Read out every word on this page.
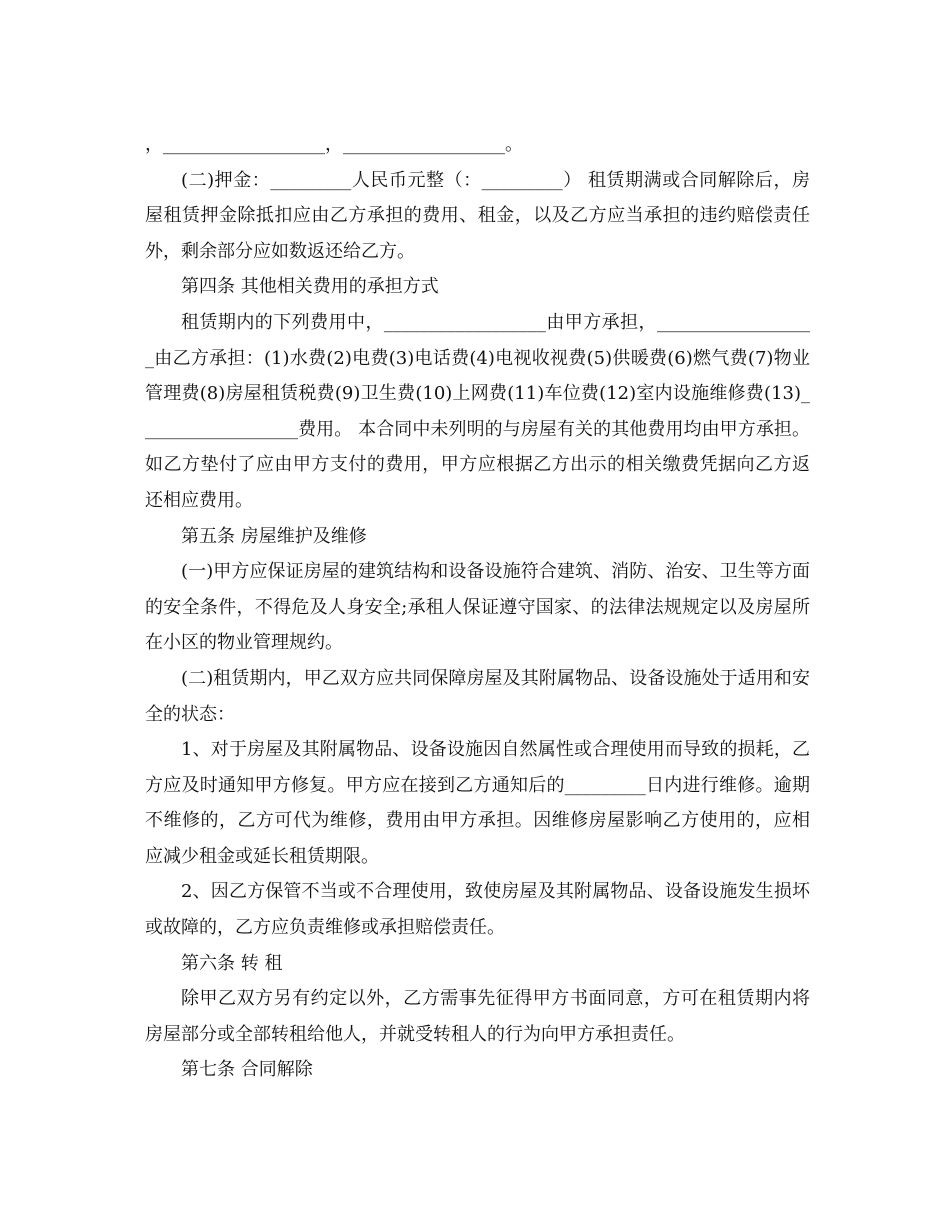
，__________________，__________________。

(二)押金：_________人民币元整（：_________） 租赁期满或合同解除后，房屋租赁押金除抵扣应由乙方承担的费用、租金，以及乙方应当承担的违约赔偿责任外，剩余部分应如数返还给乙方。

第四条 其他相关费用的承担方式

租赁期内的下列费用中，__________________由甲方承担，__________________由乙方承担：(1)水费(2)电费(3)电话费(4)电视收视费(5)供暖费(6)燃气费(7)物业管理费(8)房屋租赁税费(9)卫生费(10)上网费(11)车位费(12)室内设施维修费(13)__________________费用。 本合同中未列明的与房屋有关的其他费用均由甲方承担。如乙方垫付了应由甲方支付的费用，甲方应根据乙方出示的相关缴费凭据向乙方返还相应费用。

第五条 房屋维护及维修

(一)甲方应保证房屋的建筑结构和设备设施符合建筑、消防、治安、卫生等方面的安全条件，不得危及人身安全;承租人保证遵守国家、的法律法规规定以及房屋所在小区的物业管理规约。

(二)租赁期内，甲乙双方应共同保障房屋及其附属物品、设备设施处于适用和安全的状态：

1、对于房屋及其附属物品、设备设施因自然属性或合理使用而导致的损耗，乙方应及时通知甲方修复。甲方应在接到乙方通知后的_________日内进行维修。逾期不维修的，乙方可代为维修，费用由甲方承担。因维修房屋影响乙方使用的，应相应减少租金或延长租赁期限。

2、因乙方保管不当或不合理使用，致使房屋及其附属物品、设备设施发生损坏或故障的，乙方应负责维修或承担赔偿责任。

第六条 转 租

除甲乙双方另有约定以外，乙方需事先征得甲方书面同意，方可在租赁期内将房屋部分或全部转租给他人，并就受转租人的行为向甲方承担责任。

第七条 合同解除
